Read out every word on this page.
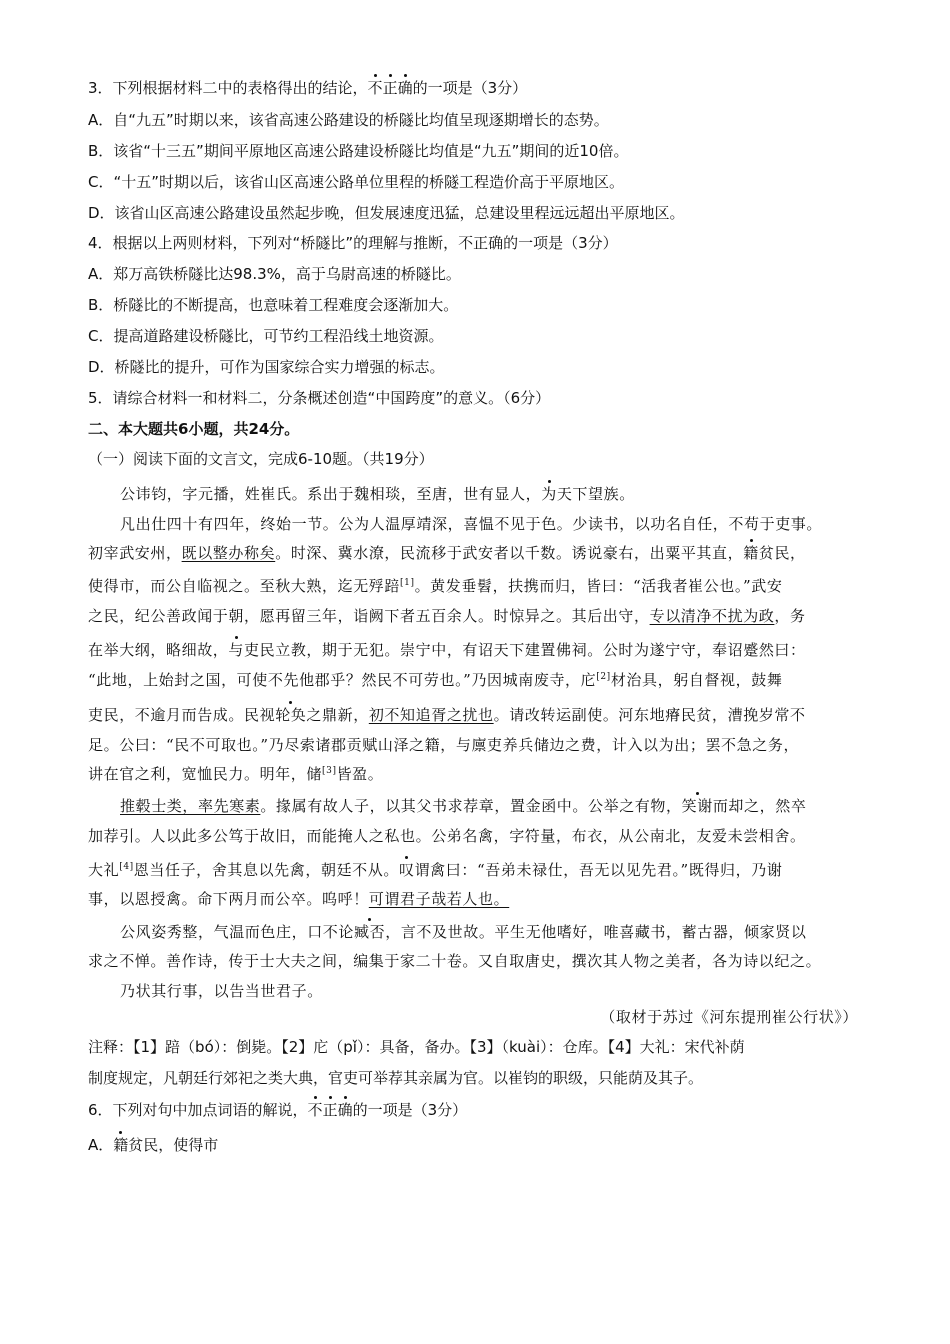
3．下列根据材料二中的表格得出的结论，不正确的一项是（3分）
A．自“九五”时期以来，该省高速公路建设的桥隧比均值呈现逐期增长的态势。
B．该省“十三五”期间平原地区高速公路建设桥隧比均值是“九五”期间的近10倍。
C．“十五”时期以后，该省山区高速公路单位里程的桥隧工程造价高于平原地区。
D．该省山区高速公路建设虽然起步晚，但发展速度迅猛，总建设里程远远超出平原地区。
4．根据以上两则材料，下列对“桥隧比”的理解与推断，不正确的一项是（3分）
A．郑万高铁桥隧比达98.3%，高于乌尉高速的桥隧比。
B．桥隧比的不断提高，也意味着工程难度会逐渐加大。
C．提高道路建设桥隧比，可节约工程沿线土地资源。
D．桥隧比的提升，可作为国家综合实力增强的标志。
5．请综合材料一和材料二，分条概述创造“中国跨度”的意义。（6分）
二、本大题共6小题，共24分。
（一）阅读下面的文言文，完成6-10题。（共19分）
公讳钧，字元播，姓崔氏。系出于魏相琰，至唐，世有显人，为天下望族。
凡出仕四十有四年，终始一节。公为人温厚靖深，喜愠不见于色。少读书，以功名自任，不苟于吏事。
初宰武安州，既以整办称矣。时深、冀水潦，民流移于武安者以千数。诱说豪右，出粟平其直，籍贫民，
使得市，而公自临视之。至秋大熟，迄无殍踣[1]。黄发垂髫，扶携而归，皆曰：“活我者崔公也。”武安
之民，纪公善政闻于朝，愿再留三年，诣阙下者五百余人。时惊异之。其后出守，专以清净不扰为政，务
在举大纲，略细故，与吏民立教，期于无犯。崇宁中，有诏天下建置佛祠。公时为遂宁守，奉诏蹙然曰：
“此地，上始封之国，可使不先他郡乎？然民不可劳也。”乃因城南废寺，庀[2]材治具，躬自督视，鼓舞
吏民，不逾月而告成。民视轮奂之鼎新，初不知追胥之扰也。请改转运副使。河东地瘠民贫，漕挽岁常不
足。公曰：“民不可取也。”乃尽索诸郡贡赋山泽之籍，与廪吏养兵储边之费，计入以为出；罢不急之务，
讲在官之利，宽恤民力。明年，储[3]皆盈。
推毂士类，率先寒素。掾属有故人子，以其父书求荐章，置金函中。公举之有物，笑谢而却之，然卒
加荐引。人以此多公笃于故旧，而能掩人之私也。公弟名禽，字符量，布衣，从公南北，友爱未尝相舍。
大礼[4]恩当任子，舍其息以先禽，朝廷不从。叹谓禽曰：“吾弟未禄仕，吾无以见先君。”既得归，乃谢
事，以恩授禽。命下两月而公卒。呜呼！可谓君子哉若人也。
公风姿秀整，气温而色庄，口不论臧否，言不及世故。平生无他嗜好，唯喜藏书，蓄古器，倾家贤以
求之不惮。善作诗，传于士大夫之间，编集于家二十卷。又自取唐史，撰次其人物之美者，各为诗以纪之。
乃状其行事，以告当世君子。
（取材于苏过《河东提刑崔公行状》）
注释：【1】踣（bó）：倒毙。【2】庀（pǐ）：具备，备办。【3】（kuài）：仓库。【4】大礼：宋代补荫
制度规定，凡朝廷行郊祀之类大典，官吏可举荐其亲属为官。以崔钧的职级，只能荫及其子。
6．下列对句中加点词语的解说，不正确的一项是（3分）
A．籍贫民，使得市
